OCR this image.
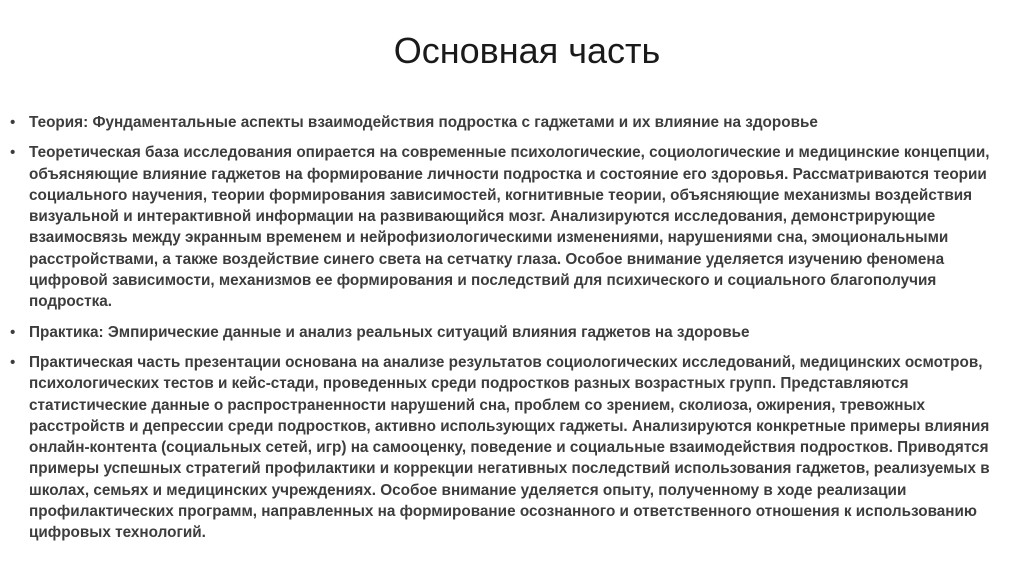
Основная часть
• Теория: Фундаментальные аспекты взаимодействия подростка с гаджетами и их влияние на здоровье
• Теоретическая база исследования опирается на современные психологические, социологические и медицинские концепции, объясняющие влияние гаджетов на формирование личности подростка и состояние его здоровья. Рассматриваются теории социального научения, теории формирования зависимостей, когнитивные теории, объясняющие механизмы воздействия визуальной и интерактивной информации на развивающийся мозг. Анализируются исследования, демонстрирующие взаимосвязь между экранным временем и нейрофизиологическими изменениями, нарушениями сна, эмоциональными расстройствами, а также воздействие синего света на сетчатку глаза. Особое внимание уделяется изучению феномена цифровой зависимости, механизмов ее формирования и последствий для психического и социального благополучия подростка.
• Практика: Эмпирические данные и анализ реальных ситуаций влияния гаджетов на здоровье
• Практическая часть презентации основана на анализе результатов социологических исследований, медицинских осмотров, психологических тестов и кейс-стади, проведенных среди подростков разных возрастных групп. Представляются статистические данные о распространенности нарушений сна, проблем со зрением, сколиоза, ожирения, тревожных расстройств и депрессии среди подростков, активно использующих гаджеты. Анализируются конкретные примеры влияния онлайн-контента (социальных сетей, игр) на самооценку, поведение и социальные взаимодействия подростков. Приводятся примеры успешных стратегий профилактики и коррекции негативных последствий использования гаджетов, реализуемых в школах, семьях и медицинских учреждениях. Особое внимание уделяется опыту, полученному в ходе реализации профилактических программ, направленных на формирование осознанного и ответственного отношения к использованию цифровых технологий.
